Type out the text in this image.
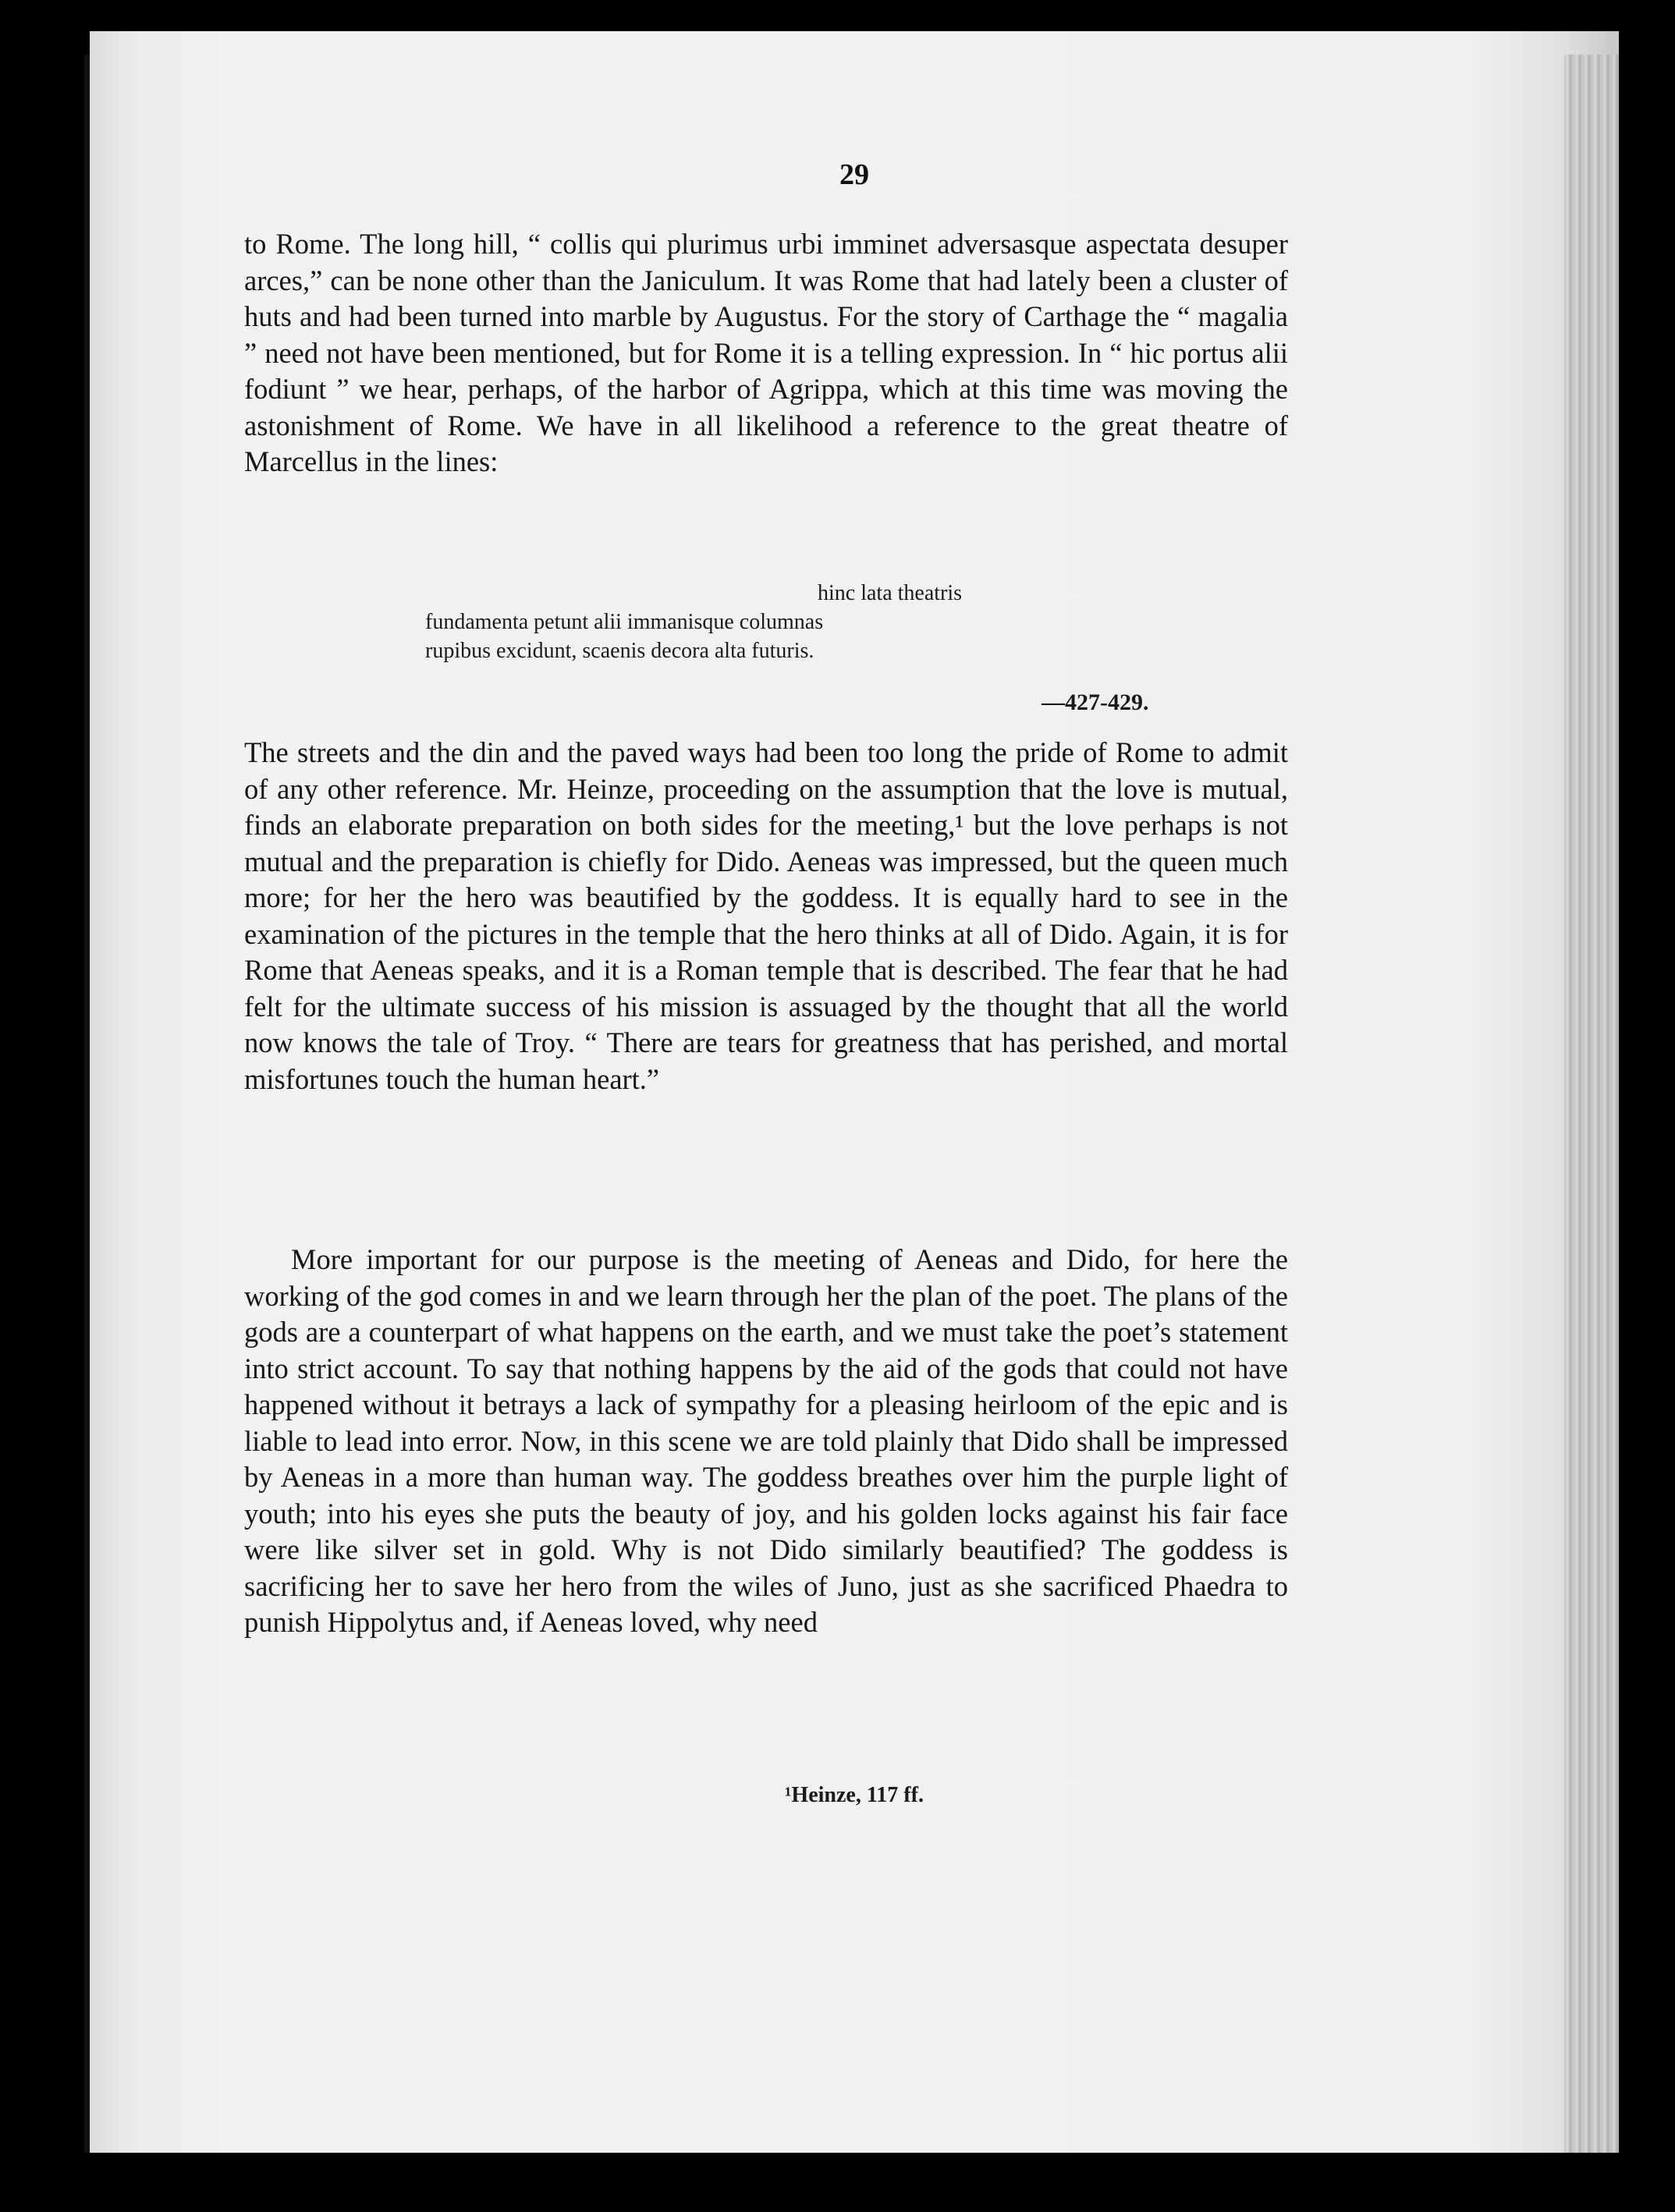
29

to Rome. The long hill, “ collis qui plurimus urbi imminet adversasque aspectata desuper arces,” can be none other than the Janiculum. It was Rome that had lately been a cluster of huts and had been turned into marble by Augustus. For the story of Carthage the “ magalia ” need not have been mentioned, but for Rome it is a telling expression. In “ hic portus alii fodiunt ” we hear, perhaps, of the harbor of Agrippa, which at this time was moving the astonishment of Rome. We have in all likelihood a reference to the great theatre of Marcellus in the lines:

hinc lata theatris
fundamenta petunt alii immanisque columnas
rupibus excidunt, scaenis decora alta futuris.
—427-429.

The streets and the din and the paved ways had been too long the pride of Rome to admit of any other reference. Mr. Heinze, proceeding on the assumption that the love is mutual, finds an elaborate preparation on both sides for the meeting,¹ but the love perhaps is not mutual and the preparation is chiefly for Dido. Aeneas was impressed, but the queen much more; for her the hero was beautified by the goddess. It is equally hard to see in the examination of the pictures in the temple that the hero thinks at all of Dido. Again, it is for Rome that Aeneas speaks, and it is a Roman temple that is described. The fear that he had felt for the ultimate success of his mission is assuaged by the thought that all the world now knows the tale of Troy. “ There are tears for greatness that has perished, and mortal misfortunes touch the human heart.”

More important for our purpose is the meeting of Aeneas and Dido, for here the working of the god comes in and we learn through her the plan of the poet. The plans of the gods are a counterpart of what happens on the earth, and we must take the poet’s statement into strict account. To say that nothing happens by the aid of the gods that could not have happened without it betrays a lack of sympathy for a pleasing heirloom of the epic and is liable to lead into error. Now, in this scene we are told plainly that Dido shall be impressed by Aeneas in a more than human way. The goddess breathes over him the purple light of youth; into his eyes she puts the beauty of joy, and his golden locks against his fair face were like silver set in gold. Why is not Dido similarly beautified? The goddess is sacrificing her to save her hero from the wiles of Juno, just as she sacrificed Phaedra to punish Hippolytus and, if Aeneas loved, why need

¹Heinze, 117 ff.
